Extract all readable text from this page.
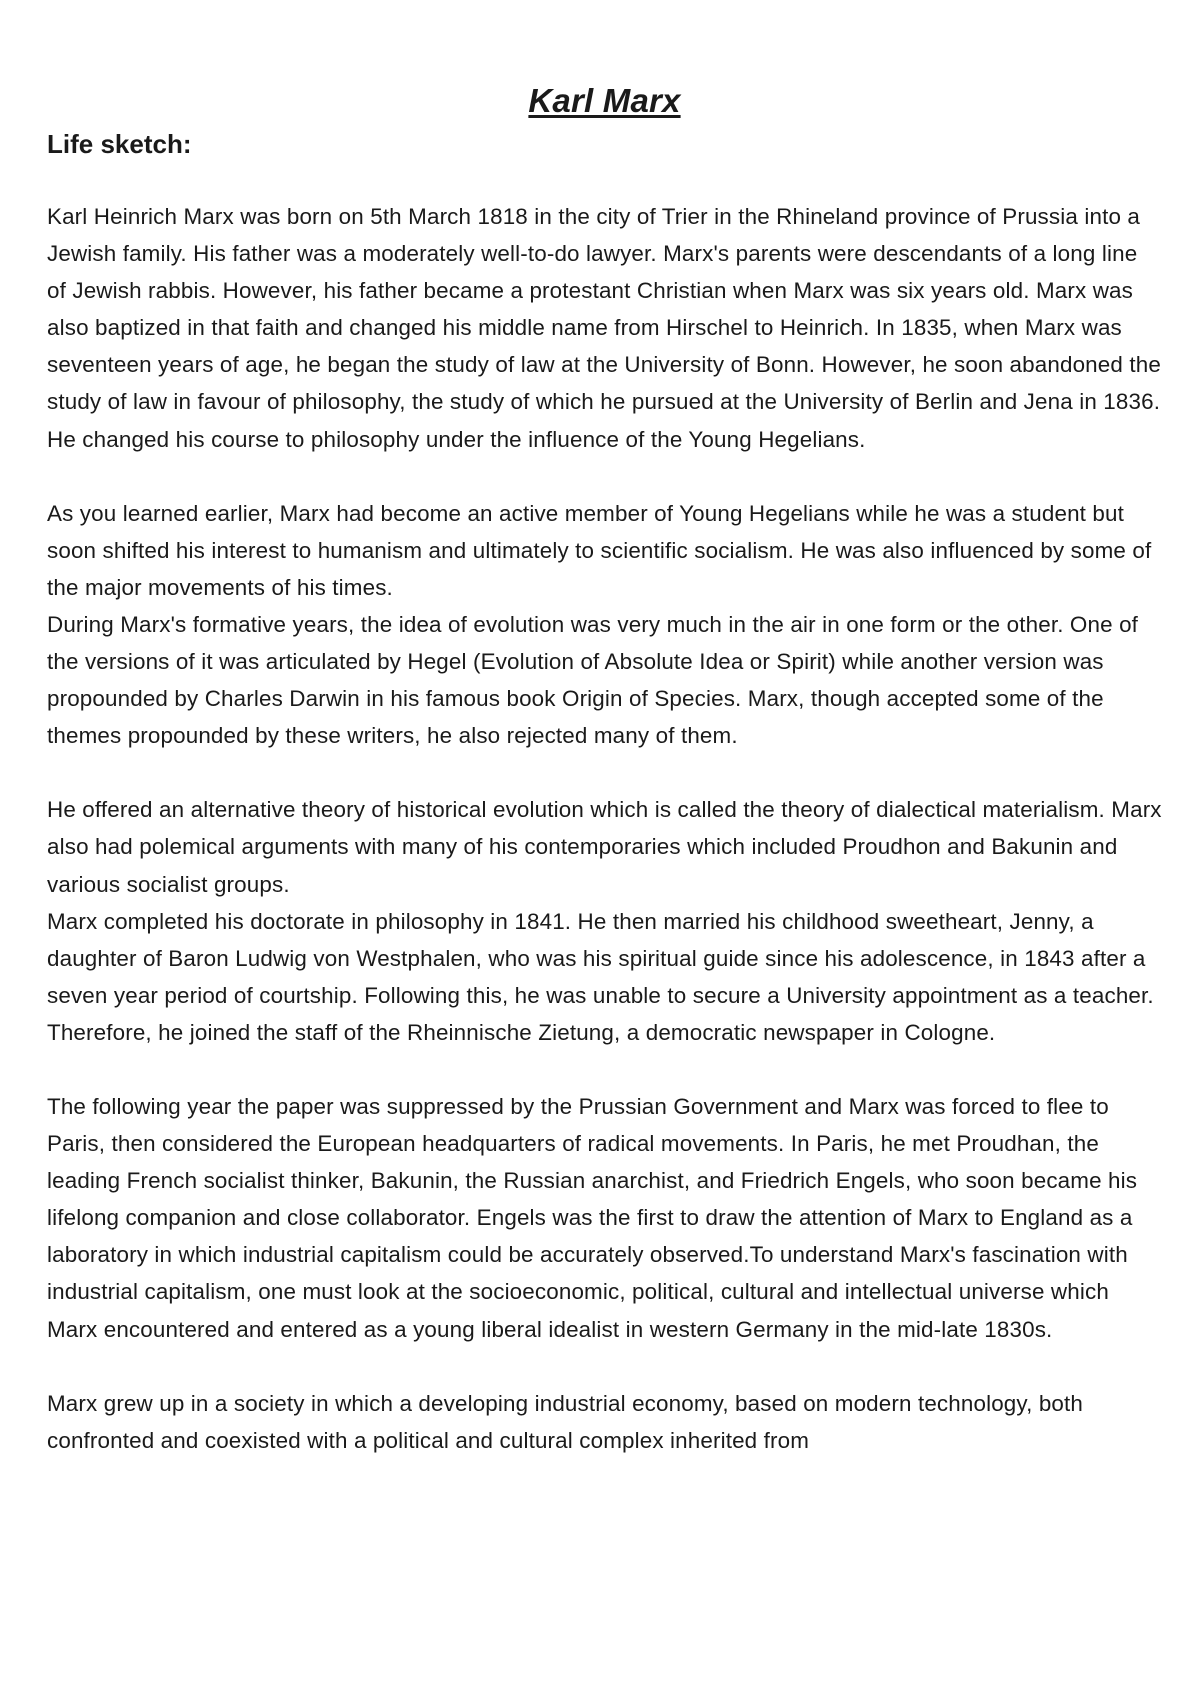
Karl Marx
Life sketch:

Karl Heinrich Marx was born on 5th March 1818 in the city of Trier in the Rhineland province of Prussia into a Jewish family. His father was a moderately well-to-do lawyer. Marx's parents were descendants of a long line of Jewish rabbis. However, his father became a protestant Christian when Marx was six years old. Marx was also baptized in that faith and changed his middle name from Hirschel to Heinrich. In 1835, when Marx was seventeen years of age, he began the study of law at the University of Bonn. However, he soon abandoned the study of law in favour of philosophy, the study of which he pursued at the University of Berlin and Jena in 1836. He changed his course to philosophy under the influence of the Young Hegelians.

As you learned earlier, Marx had become an active member of Young Hegelians while he was a student but soon shifted his interest to humanism and ultimately to scientific socialism. He was also influenced by some of the major movements of his times.

During Marx's formative years, the idea of evolution was very much in the air in one form or the other. One of the versions of it was articulated by Hegel (Evolution of Absolute Idea or Spirit) while another version was propounded by Charles Darwin in his famous book Origin of Species. Marx, though accepted some of the themes propounded by these writers, he also rejected many of them.

He offered an alternative theory of historical evolution which is called the theory of dialectical materialism. Marx also had polemical arguments with many of his contemporaries which included Proudhon and Bakunin and various socialist groups.

Marx completed his doctorate in philosophy in 1841. He then married his childhood sweetheart, Jenny, a daughter of Baron Ludwig von Westphalen, who was his spiritual guide since his adolescence, in 1843 after a seven year period of courtship. Following this, he was unable to secure a University appointment as a teacher. Therefore, he joined the staff of the Rheinnische Zietung, a democratic newspaper in Cologne.

The following year the paper was suppressed by the Prussian Government and Marx was forced to flee to Paris, then considered the European headquarters of radical movements. In Paris, he met Proudhan, the leading French socialist thinker, Bakunin, the Russian anarchist, and Friedrich Engels, who soon became his lifelong companion and close collaborator. Engels was the first to draw the attention of Marx to England as a laboratory in which industrial capitalism could be accurately observed.To understand Marx's fascination with industrial capitalism, one must look at the socioeconomic, political, cultural and intellectual universe which Marx encountered and entered as a young liberal idealist in western Germany in the mid-late 1830s.

Marx grew up in a society in which a developing industrial economy, based on modern technology, both confronted and coexisted with a political and cultural complex inherited from
